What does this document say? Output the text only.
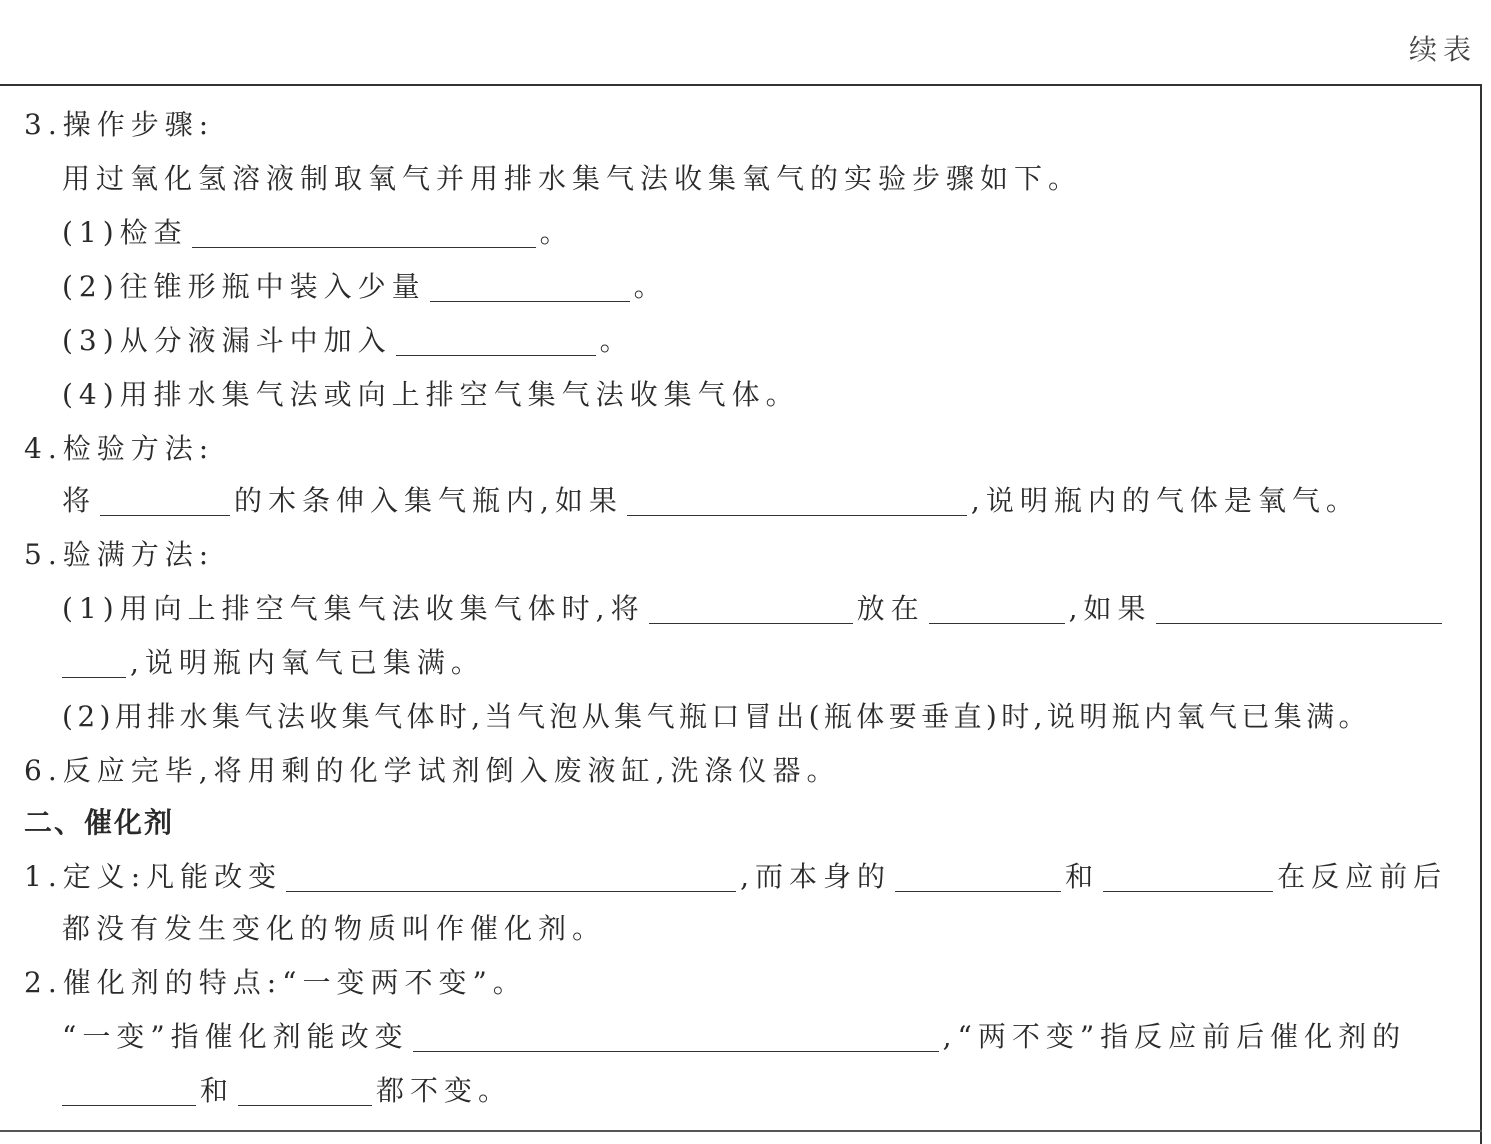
续表
3.操作步骤:
用过氧化氢溶液制取氧气并用排水集气法收集氧气的实验步骤如下。
(1)检查	。
(2)往锥形瓶中装入少量	。
(3)从分液漏斗中加入	。
(4)用排水集气法或向上排空气集气法收集气体。
4.检验方法:
将	的木条伸入集气瓶内,如果	,说明瓶内的气体是氧气。
5.验满方法:
(1)用向上排空气集气法收集气体时,将	放在	,如果
,说明瓶内氧气已集满。
(2)用排水集气法收集气体时,当气泡从集气瓶口冒出(瓶体要垂直)时,说明瓶内氧气已集满。
6.反应完毕,将用剩的化学试剂倒入废液缸,洗涤仪器。
二、催化剂
1.定义:凡能改变	,而本身的	和	在反应前后
都没有发生变化的物质叫作催化剂。
2.催化剂的特点:“一变两不变”。
“一变”指催化剂能改变	,“两不变”指反应前后催化剂的
和	都不变。
